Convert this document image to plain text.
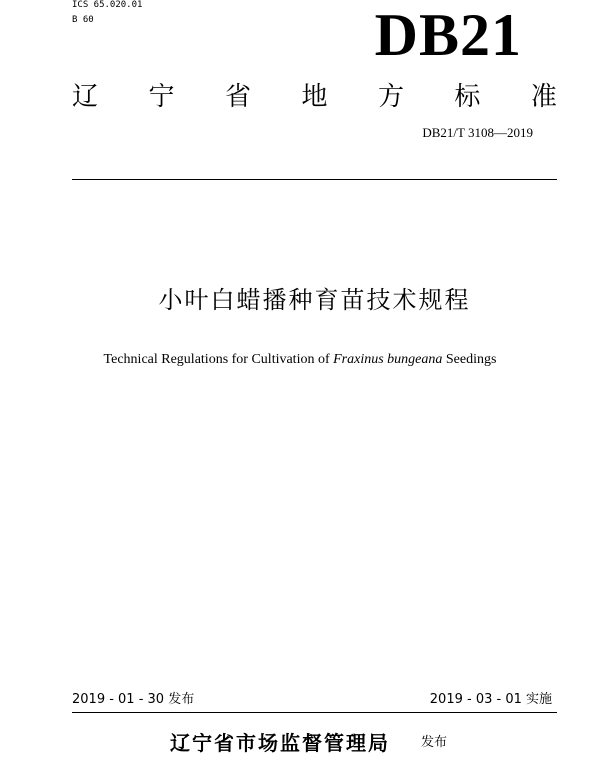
ICS 65.020.01
B 60	DB21
辽 宁 省 地 方 标 准
DB21/T 3108—2019
小叶白蜡播种育苗技术规程
Technical Regulations for Cultivation of Fraxinus bungeana Seedings
2019 - 01 - 30 发布	2019 - 03 - 01 实施
辽宁省市场监督管理局 发布
